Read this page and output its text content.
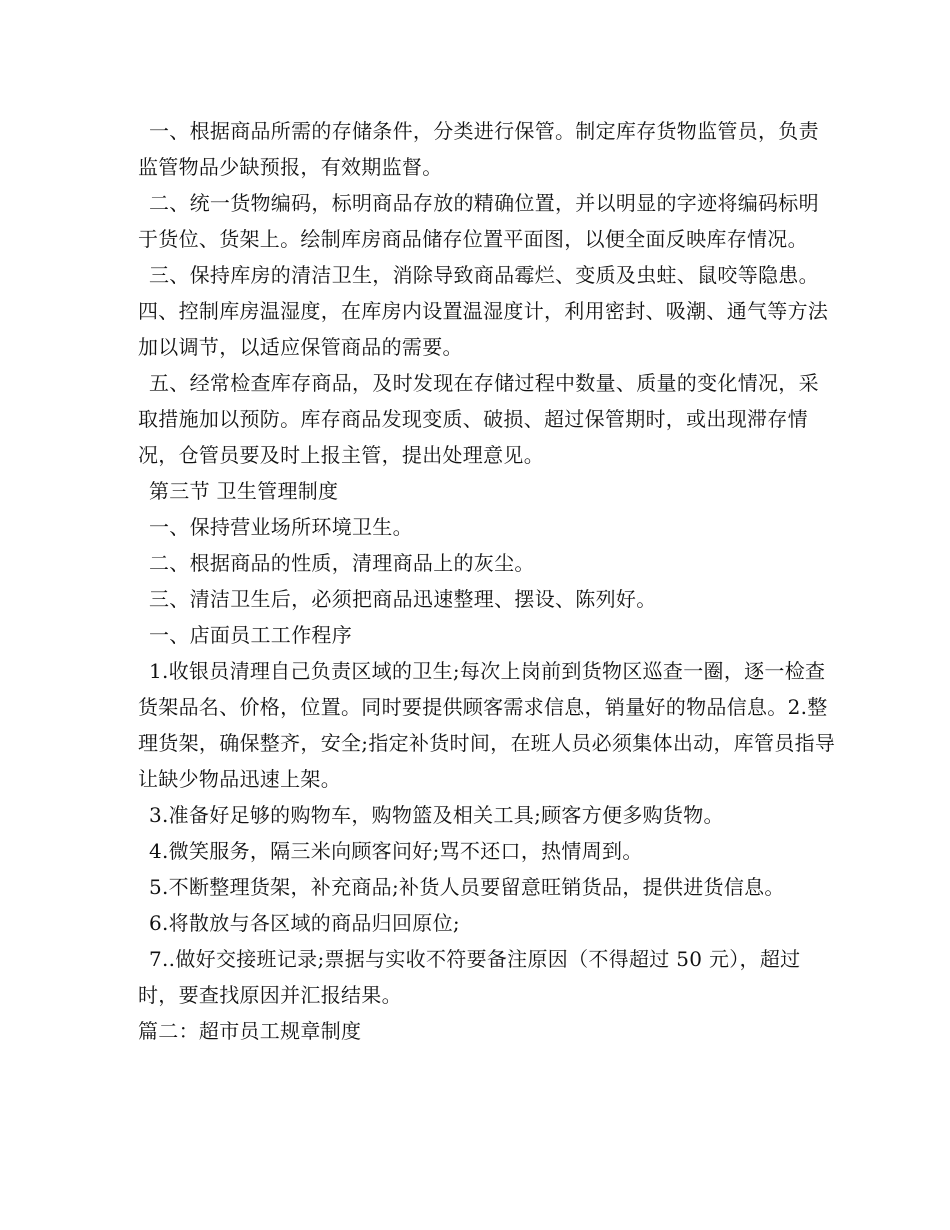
一、根据商品所需的存储条件，分类进行保管。制定库存货物监管员，负责监管物品少缺预报，有效期监督。

二、统一货物编码，标明商品存放的精确位置，并以明显的字迹将编码标明于货位、货架上。绘制库房商品储存位置平面图，以便全面反映库存情况。

三、保持库房的清洁卫生，消除导致商品霉烂、变质及虫蛀、鼠咬等隐患。

四、控制库房温湿度，在库房内设置温湿度计，利用密封、吸潮、通气等方法加以调节，以适应保管商品的需要。

五、经常检查库存商品，及时发现在存储过程中数量、质量的变化情况，采取措施加以预防。库存商品发现变质、破损、超过保管期时，或出现滞存情况，仓管员要及时上报主管，提出处理意见。

第三节 卫生管理制度

一、保持营业场所环境卫生。

二、根据商品的性质，清理商品上的灰尘。

三、清洁卫生后，必须把商品迅速整理、摆设、陈列好。

一、店面员工工作程序

1.收银员清理自己负责区域的卫生;每次上岗前到货物区巡查一圈，逐一检查货架品名、价格，位置。同时要提供顾客需求信息，销量好的物品信息。2.整理货架，确保整齐，安全;指定补货时间，在班人员必须集体出动，库管员指导让缺少物品迅速上架。

3.准备好足够的购物车，购物篮及相关工具;顾客方便多购货物。

4.微笑服务，隔三米向顾客问好;骂不还口，热情周到。

5.不断整理货架，补充商品;补货人员要留意旺销货品，提供进货信息。

6.将散放与各区域的商品归回原位;

7..做好交接班记录;票据与实收不符要备注原因（不得超过 50 元），超过时，要查找原因并汇报结果。

篇二：超市员工规章制度
